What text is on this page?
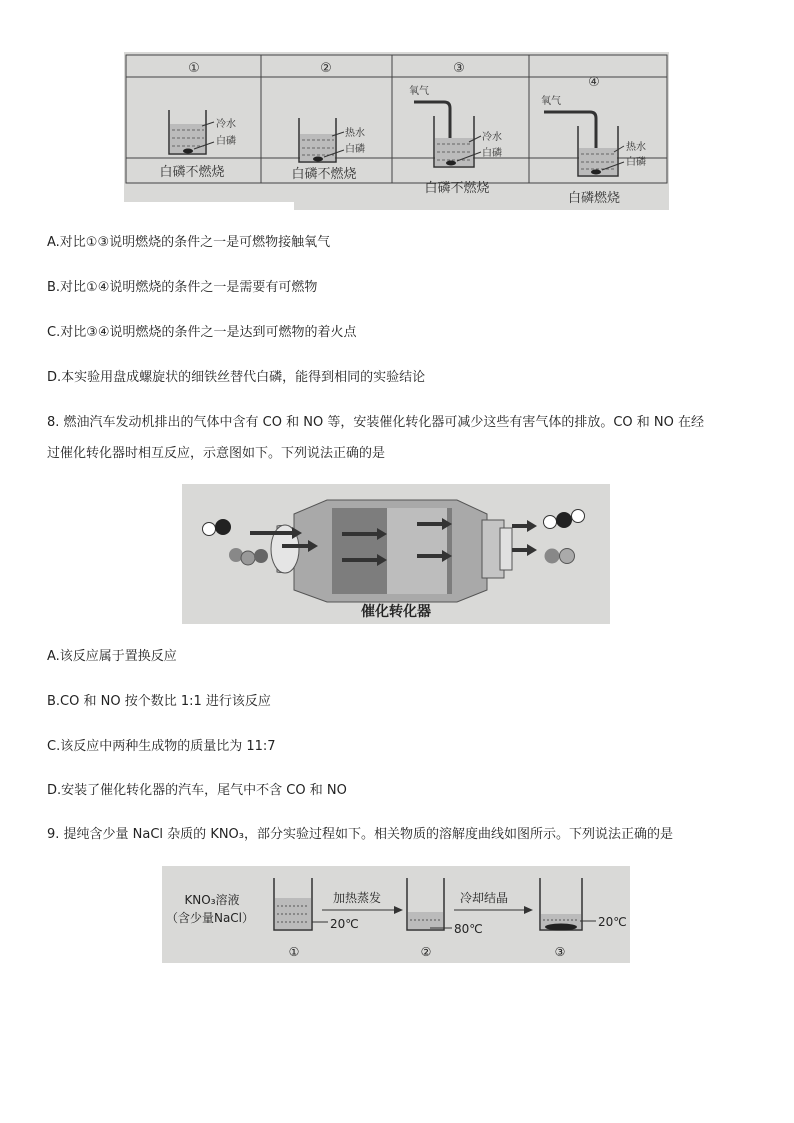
①
冷水
白磷
白磷不燃烧
②
热水
白磷
白磷不燃烧
③
氧气
冷水
白磷
白磷不燃烧
④
氧气
热水
白磷
白磷燃烧
A.对比①③说明燃烧的条件之一是可燃物接触氧气
B.对比①④说明燃烧的条件之一是需要有可燃物
C.对比③④说明燃烧的条件之一是达到可燃物的着火点
D.本实验用盘成螺旋状的细铁丝替代白磷，能得到相同的实验结论
8. 燃油汽车发动机排出的气体中含有 CO 和 NO 等，安装催化转化器可减少这些有害气体的排放。CO 和 NO 在经
过催化转化器时相互反应，示意图如下。下列说法正确的是
催化转化器
A.该反应属于置换反应
B.CO 和 NO 按个数比 1:1 进行该反应
C.该反应中两种生成物的质量比为 11:7
D.安装了催化转化器的汽车，尾气中不含 CO 和 NO
9. 提纯含少量 NaCl 杂质的 KNO₃，部分实验过程如下。相关物质的溶解度曲线如图所示。下列说法正确的是
KNO₃溶液
（含少量NaCl）	20℃
①
加热蒸发
80℃
②
冷却结晶
20℃
③
